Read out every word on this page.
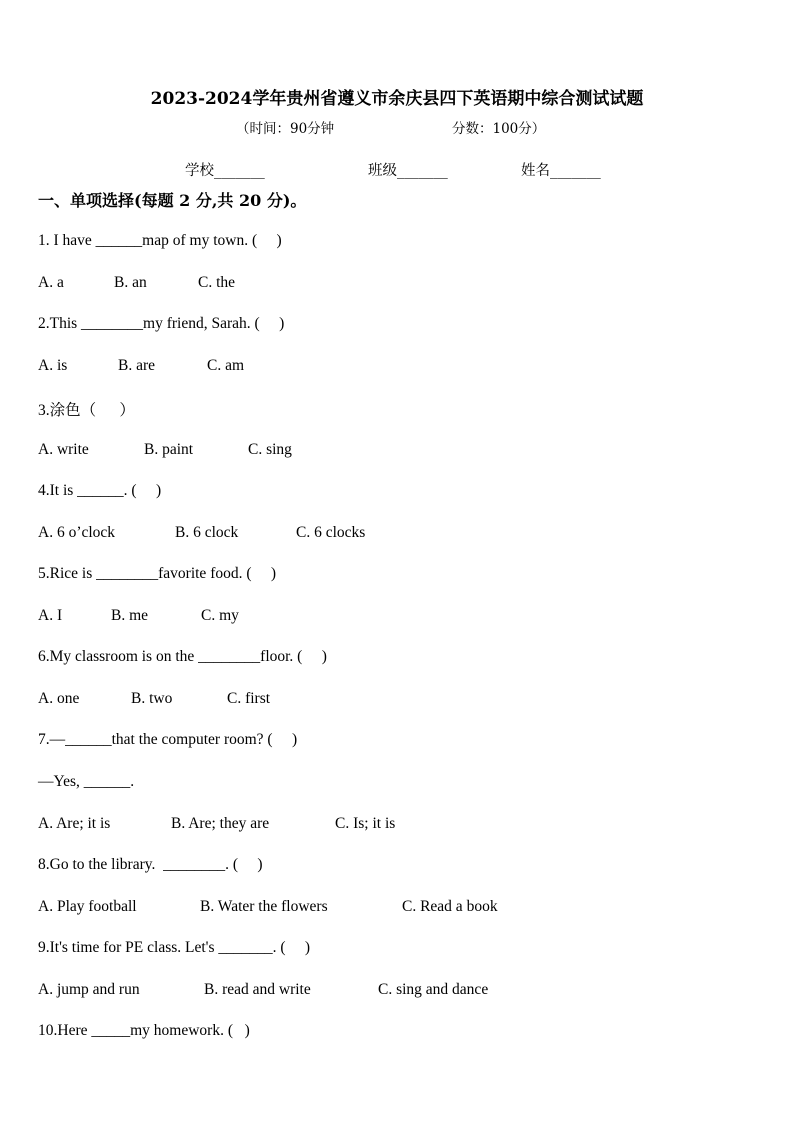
2023-2024学年贵州省遵义市余庆县四下英语期中综合测试试题
（时间：90分钟	分数：100分）
学校_______	班级_______	姓名_______
一、单项选择(每题 2 分,共 20 分)。
1. I have ______map of my town. (     )

A. a

	B. an

	C. the

2.This ________my friend, Sarah. (     )

A. is

	B. are

	C. am

3.涂色（      ）

A. write

	B. paint

	C. sing

4.It is ______. (     )

A. 6 o’clock

	B. 6 clock

	C. 6 clocks

5.Rice is ________favorite food. (     )

A. I

	B. me

	C. my

6.My classroom is on the ________floor. (     )

A. one

	B. two

	C. first

7.—______that the computer room? (     )
—Yes, ______.

A. Are; it is

	B. Are; they are

	C. Is; it is

8.Go to the library.  ________. (     )

A. Play football

	B. Water the flowers

	C. Read a book

9.It's time for PE class. Let's _______. (     )

A. jump and run

	B. read and write

	C. sing and dance

10.Here _____my homework. (   )
